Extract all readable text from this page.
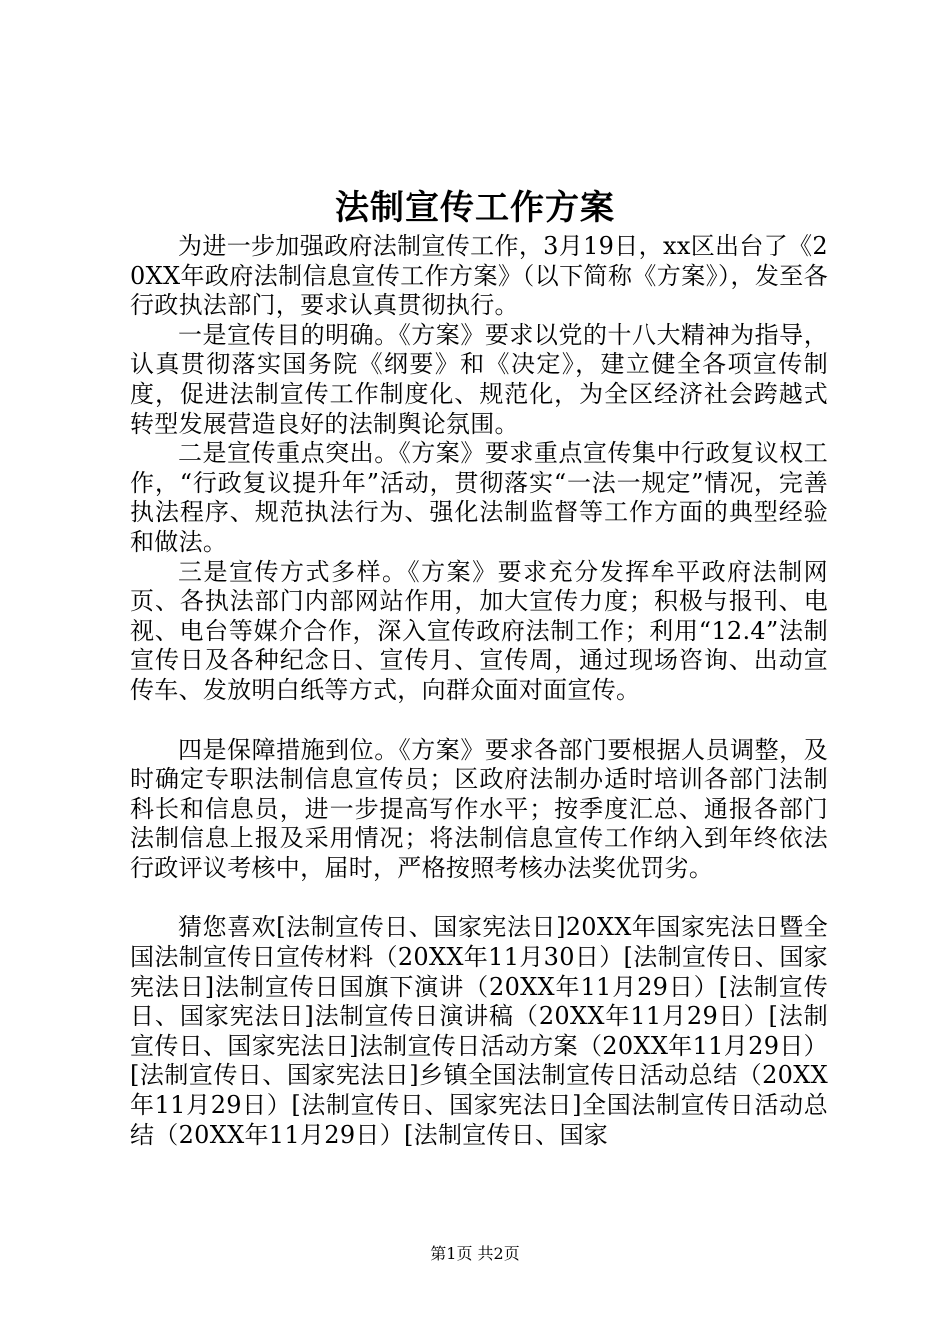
法制宣传工作方案

为进一步加强政府法制宣传工作，3月19日，xx区出台了《20XX年政府法制信息宣传工作方案》（以下简称《方案》），发至各行政执法部门，要求认真贯彻执行。

一是宣传目的明确。《方案》要求以党的十八大精神为指导，认真贯彻落实国务院《纲要》和《决定》，建立健全各项宣传制度，促进法制宣传工作制度化、规范化，为全区经济社会跨越式转型发展营造良好的法制舆论氛围。

二是宣传重点突出。《方案》要求重点宣传集中行政复议权工作，“行政复议提升年”活动，贯彻落实“一法一规定”情况，完善执法程序、规范执法行为、强化法制监督等工作方面的典型经验和做法。

三是宣传方式多样。《方案》要求充分发挥牟平政府法制网页、各执法部门内部网站作用，加大宣传力度；积极与报刊、电视、电台等媒介合作，深入宣传政府法制工作；利用“12.4”法制宣传日及各种纪念日、宣传月、宣传周，通过现场咨询、出动宣传车、发放明白纸等方式，向群众面对面宣传。

四是保障措施到位。《方案》要求各部门要根据人员调整，及时确定专职法制信息宣传员；区政府法制办适时培训各部门法制科长和信息员，进一步提高写作水平；按季度汇总、通报各部门法制信息上报及采用情况；将法制信息宣传工作纳入到年终依法行政评议考核中，届时，严格按照考核办法奖优罚劣。

猜您喜欢[法制宣传日、国家宪法日]20XX年国家宪法日暨全国法制宣传日宣传材料（20XX年11月30日）[法制宣传日、国家宪法日]法制宣传日国旗下演讲（20XX年11月29日）[法制宣传日、国家宪法日]法制宣传日演讲稿（20XX年11月29日）[法制宣传日、国家宪法日]法制宣传日活动方案（20XX年11月29日）[法制宣传日、国家宪法日]乡镇全国法制宣传日活动总结（20XX年11月29日）[法制宣传日、国家宪法日]全国法制宣传日活动总结（20XX年11月29日）[法制宣传日、国家

第1页 共2页
